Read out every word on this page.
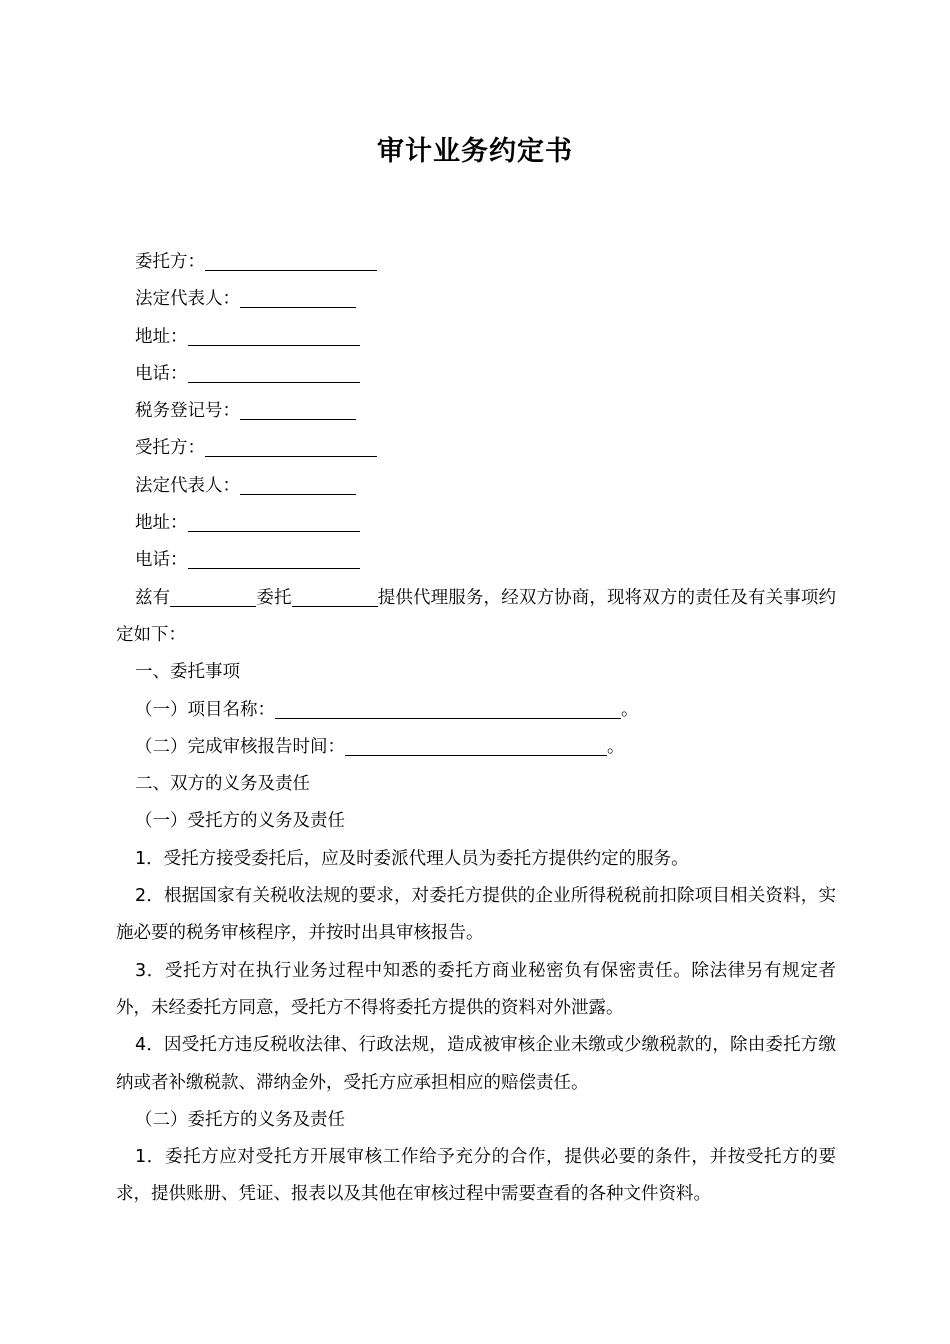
审计业务约定书
委托方：
法定代表人：
地址：
电话：
税务登记号：
受托方：
法定代表人：
地址：
电话：
兹有	委托	提供代理服务，经双方协商，现将双方的责任及有关事项约定如下：
一、委托事项
（一）项目名称：	。
（二）完成审核报告时间：	。
二、双方的义务及责任
（一）受托方的义务及责任
1．受托方接受委托后，应及时委派代理人员为委托方提供约定的服务。
2．根据国家有关税收法规的要求，对委托方提供的企业所得税税前扣除项目相关资料，实施必要的税务审核程序，并按时出具审核报告。
3．受托方对在执行业务过程中知悉的委托方商业秘密负有保密责任。除法律另有规定者外，未经委托方同意，受托方不得将委托方提供的资料对外泄露。
4．因受托方违反税收法律、行政法规，造成被审核企业未缴或少缴税款的，除由委托方缴纳或者补缴税款、滞纳金外，受托方应承担相应的赔偿责任。
（二）委托方的义务及责任
1．委托方应对受托方开展审核工作给予充分的合作，提供必要的条件，并按受托方的要求，提供账册、凭证、报表以及其他在审核过程中需要查看的各种文件资料。
